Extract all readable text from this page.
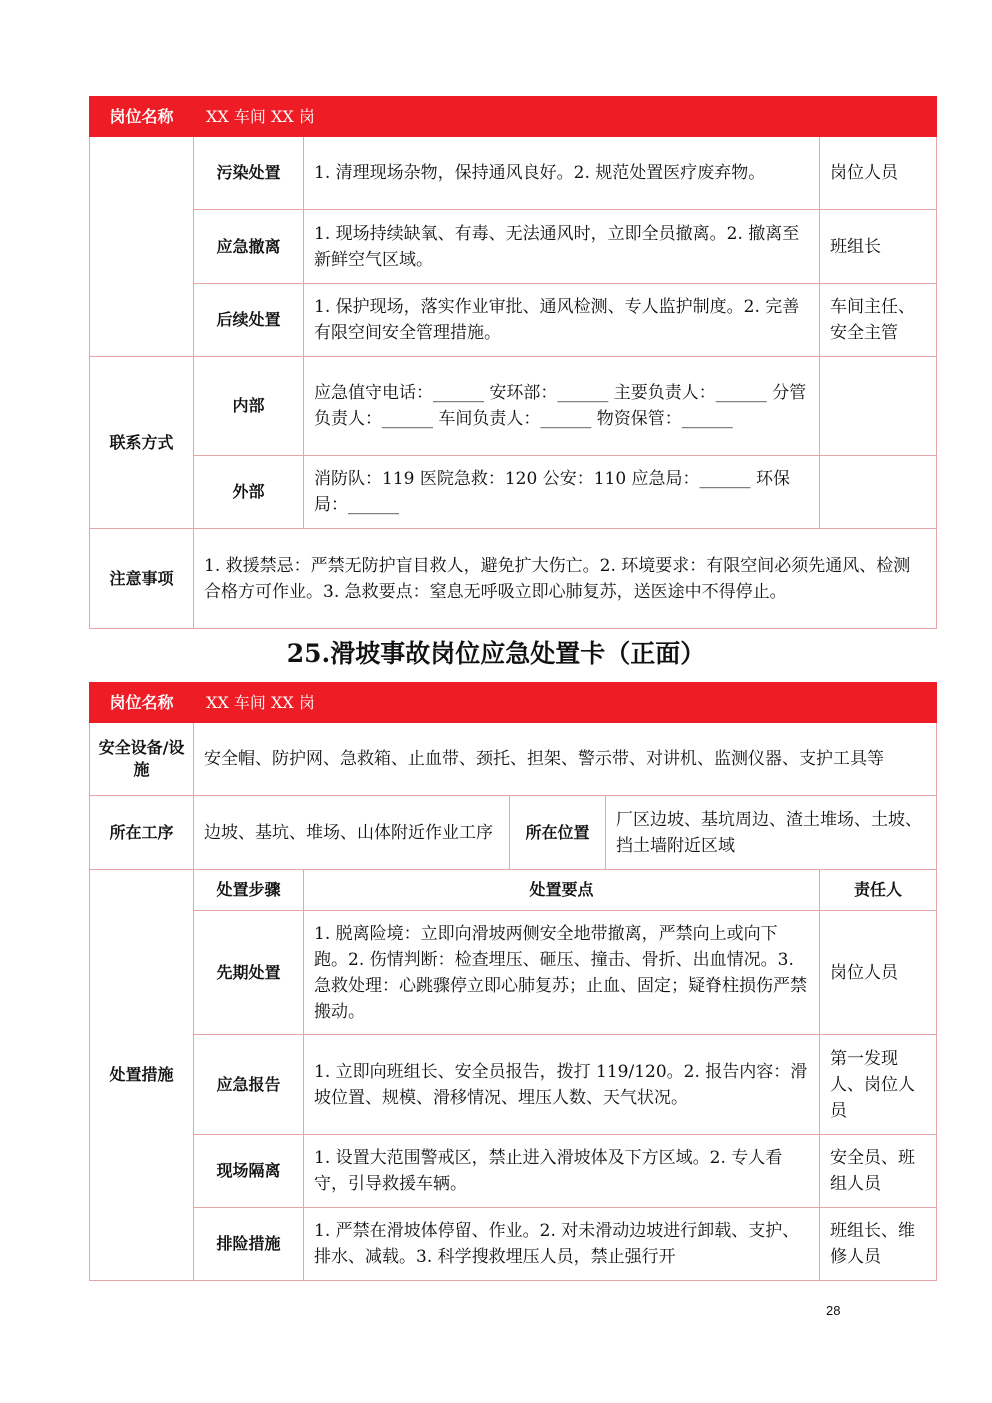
岗位名称	XX 车间 XX 岗		
	污染处置	1. 清理现场杂物，保持通风良好。2. 规范处置医疗废弃物。	岗位人员
	应急撤离	1. 现场持续缺氧、有毒、无法通风时，立即全员撤离。2. 撤离至新鲜空气区域。	班组长
	后续处置	1. 保护现场，落实作业审批、通风检测、专人监护制度。2. 完善有限空间安全管理措施。	车间主任、安全主管
联系方式	内部	应急值守电话：______ 安环部：______ 主要负责人：______ 分管负责人：______ 车间负责人：______ 物资保管：______	
	外部	消防队：119 医院急救：120 公安：110 应急局：______ 环保局：______	
注意事项	1. 救援禁忌：严禁无防护盲目救人，避免扩大伤亡。2. 环境要求：有限空间必须先通风、检测合格方可作业。3. 急救要点：窒息无呼吸立即心肺复苏，送医途中不得停止。		
25.滑坡事故岗位应急处置卡（正面）
岗位名称	XX 车间 XX 岗				
安全设备/设施	安全帽、防护网、急救箱、止血带、颈托、担架、警示带、对讲机、监测仪器、支护工具等				
所在工序	边坡、基坑、堆场、山体附近作业工序		所在位置	厂区边坡、基坑周边、渣土堆场、土坡、挡土墙附近区域	
处置措施	处置步骤	处置要点			责任人
	先期处置	1. 脱离险境：立即向滑坡两侧安全地带撤离，严禁向上或向下跑。2. 伤情判断：检查埋压、砸压、撞击、骨折、出血情况。3. 急救处理：心跳骤停立即心肺复苏；止血、固定；疑脊柱损伤严禁搬动。			岗位人员
	应急报告	1. 立即向班组长、安全员报告，拨打 119/120。2. 报告内容：滑坡位置、规模、滑移情况、埋压人数、天气状况。			第一发现人、岗位人员
	现场隔离	1. 设置大范围警戒区，禁止进入滑坡体及下方区域。2. 专人看守，引导救援车辆。			安全员、班组人员
	排险措施	1. 严禁在滑坡体停留、作业。2. 对未滑动边坡进行卸载、支护、排水、减载。3. 科学搜救埋压人员，禁止强行开			班组长、维修人员
28
